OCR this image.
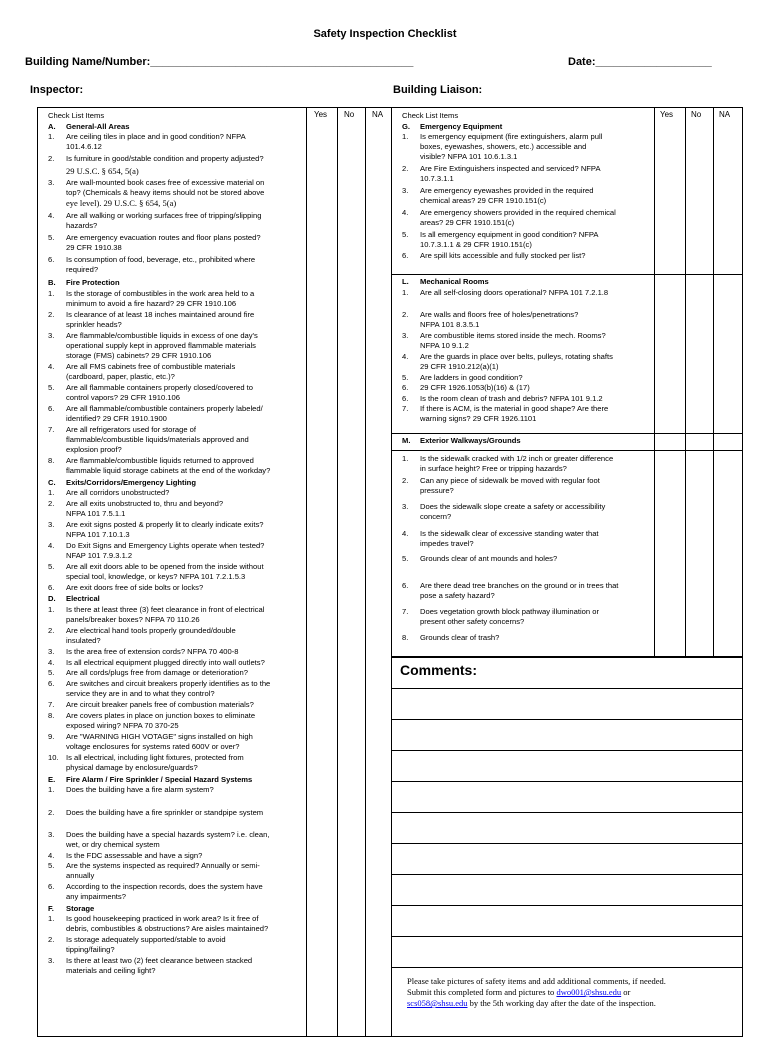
Safety Inspection Checklist
Building Name/Number:___________________________________________	Date:___________________
Inspector:	Building Liaison:
Yes No NA
Check List Items
A.	General-All Areas
1.	Are ceiling tiles in place and in good condition? NFPA
101.4.6.12
2.	Is furniture in good/stable condition and property adjusted?
29 U.S.C. § 654, 5(a)
3.	Are wall-mounted book cases free of excessive material on
top? (Chemicals & heavy items should not be stored above
eye level). 29 U.S.C. § 654, 5(a)
4.	Are all walking or working surfaces free of tripping/slipping
hazards?
5.	Are emergency evacuation routes and floor plans posted?
29 CFR 1910.38
6.	Is consumption of food, beverage, etc., prohibited where
required?
B.	Fire Protection
1.	Is the storage of combustibles in the work area held to a
minimum to avoid a fire hazard? 29 CFR 1910.106
2.	Is clearance of at least 18 inches maintained around fire
sprinkler heads?
3.	Are flammable/combustible liquids in excess of one day's
operational supply kept in approved flammable materials
storage (FMS) cabinets? 29 CFR 1910.106
4.	Are all FMS cabinets free of combustible materials
(cardboard, paper, plastic, etc.)?
5.	Are all flammable containers properly closed/covered to
control vapors? 29 CFR 1910.106
6.	Are all flammable/combustible containers properly labeled/
identified? 29 CFR 1910.1900
7.	Are all refrigerators used for storage of
flammable/combustible liquids/materials approved and
explosion proof?
8.	Are flammable/combustible liquids returned to approved
flammable liquid storage cabinets at the end of the workday?
C.	Exits/Corridors/Emergency Lighting
1.	Are all corridors unobstructed?
2.	Are all exits unobstructed to, thru and beyond?
NFPA 101 7.5.1.1
3.	Are exit signs posted & properly lit to clearly indicate exits?
NFPA 101 7.10.1.3
4.	Do Exit Signs and Emergency Lights operate when tested?
NFAP 101 7.9.3.1.2
5.	Are all exit doors able to be opened from the inside without
special tool, knowledge, or keys? NFPA 101 7.2.1.5.3
6.	Are exit doors free of side bolts or locks?
D.	Electrical
1.	Is there at least three (3) feet clearance in front of electrical
panels/breaker boxes? NFPA 70 110.26
2.	Are electrical hand tools properly grounded/double
insulated?
3.	Is the area free of extension cords? NFPA 70 400-8
4.	Is all electrical equipment plugged directly into wall outlets?
5.	Are all cords/plugs free from damage or deterioration?
6.	Are switches and circuit breakers properly identifies as to the
service they are in and to what they control?
7.	Are circuit breaker panels free of combustion materials?
8.	Are covers plates in place on junction boxes to eliminate
exposed wiring? NFPA 70 370-25
9.	Are "WARNING HIGH VOTAGE" signs installed on high
voltage enclosures for systems rated 600V or over?
10. Is all electrical, including light fixtures, protected from
physical damage by enclosure/guards?
E.	Fire Alarm / Fire Sprinkler / Special Hazard Systems
1.	Does the building have a fire alarm system?
2.	Does the building have a fire sprinkler or standpipe system
3.	Does the building have a special hazards system? i.e. clean,
wet, or dry chemical system
4.	Is the FDC assessable and have a sign?
5.	Are the systems inspected as required? Annually or semi-
annually
6.	According to the inspection records, does the system have
any impairments?
F.	Storage
1.	Is good housekeeping practiced in work area? Is it free of
debris, combustibles & obstructions? Are aisles maintained?
2.	Is storage adequately supported/stable to avoid
tipping/failing?
3.	Is there at least two (2) feet clearance between stacked
materials and ceiling light?
Yes No NA
Check List Items
G.	Emergency Equipment
1.	Is emergency equipment (fire extinguishers, alarm pull
boxes, eyewashes, showers, etc.) accessible and
visible? NFPA 101 10.6.1.3.1
2.	Are Fire Extinguishers inspected and serviced? NFPA
10.7.3.1.1
3.	Are emergency eyewashes provided in the required
chemical areas? 29 CFR 1910.151(c)
4.	Are emergency showers provided in the required chemical
areas? 29 CFR 1910.151(c)
5.	Is all emergency equipment in good condition? NFPA
10.7.3.1.1 & 29 CFR 1910.151(c)
6.	Are spill kits accessible and fully stocked per list?
L.	Mechanical Rooms
1.	Are all self-closing doors operational? NFPA 101 7.2.1.8
2.	Are walls and floors free of holes/penetrations?
NFPA 101 8.3.5.1
3.	Are combustible items stored inside the mech. Rooms?
NFPA 10 9.1.2
4.	Are the guards in place over belts, pulleys, rotating shafts
29 CFR 1910.212(a)(1)
5.	Are ladders in good condition?
6.	29 CFR 1926.1053(b)(16) & (17)
6.	Is the room clean of trash and debris? NFPA 101 9.1.2
7.	If there is ACM, is the material in good shape? Are there
warning signs? 29 CFR 1926.1101
M.	Exterior Walkways/Grounds
1.	Is the sidewalk cracked with 1/2 inch or greater difference
in surface height? Free or tripping hazards?
2.	Can any piece of sidewalk be moved with regular foot
pressure?
3.	Does the sidewalk slope create a safety or accessibility
concern?
4.	Is the sidewalk clear of excessive standing water that
impedes travel?
5.	Grounds clear of ant mounds and holes?
6.	Are there dead tree branches on the ground or in trees that
pose a safety hazard?
7.	Does vegetation growth block pathway illumination or
present other safety concerns?
8.	Grounds clear of trash?
Comments:
Please take pictures of safety items and add additional comments, if needed.
Submit this completed form and pictures to dwo001@shsu.edu or
scs058@shsu.edu by the 5th working day after the date of the inspection.
